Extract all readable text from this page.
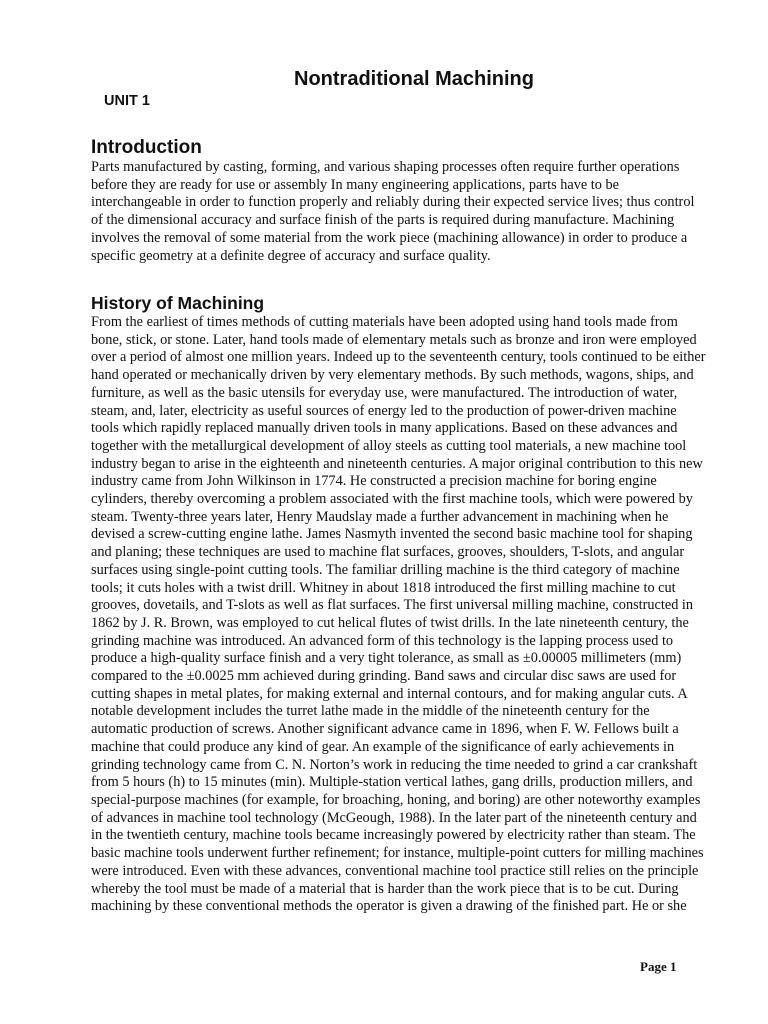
Nontraditional Machining
UNIT 1
Introduction

Parts manufactured by casting, forming, and various shaping processes often require further operations
before they are ready for use or assembly In many engineering applications, parts have to be
interchangeable in order to function properly and reliably during their expected service lives; thus control
of the dimensional accuracy and surface finish of the parts is required during manufacture. Machining
involves the removal of some material from the work piece (machining allowance) in order to produce a
specific geometry at a definite degree of accuracy and surface quality.

History of Machining

From the earliest of times methods of cutting materials have been adopted using hand tools made from
bone, stick, or stone. Later, hand tools made of elementary metals such as bronze and iron were employed
over a period of almost one million years. Indeed up to the seventeenth century, tools continued to be either
hand operated or mechanically driven by very elementary methods. By such methods, wagons, ships, and
furniture, as well as the basic utensils for everyday use, were manufactured. The introduction of water,
steam, and, later, electricity as useful sources of energy led to the production of power-driven machine
tools which rapidly replaced manually driven tools in many applications. Based on these advances and
together with the metallurgical development of alloy steels as cutting tool materials, a new machine tool
industry began to arise in the eighteenth and nineteenth centuries. A major original contribution to this new
industry came from John Wilkinson in 1774. He constructed a precision machine for boring engine
cylinders, thereby overcoming a problem associated with the first machine tools, which were powered by
steam. Twenty-three years later, Henry Maudslay made a further advancement in machining when he
devised a screw-cutting engine lathe. James Nasmyth invented the second basic machine tool for shaping
and planing; these techniques are used to machine flat surfaces, grooves, shoulders, T-slots, and angular
surfaces using single-point cutting tools. The familiar drilling machine is the third category of machine
tools; it cuts holes with a twist drill. Whitney in about 1818 introduced the first milling machine to cut
grooves, dovetails, and T-slots as well as flat surfaces. The first universal milling machine, constructed in
1862 by J. R. Brown, was employed to cut helical flutes of twist drills. In the late nineteenth century, the
grinding machine was introduced. An advanced form of this technology is the lapping process used to
produce a high-quality surface finish and a very tight tolerance, as small as ±0.00005 millimeters (mm)
compared to the ±0.0025 mm achieved during grinding. Band saws and circular disc saws are used for
cutting shapes in metal plates, for making external and internal contours, and for making angular cuts. A
notable development includes the turret lathe made in the middle of the nineteenth century for the
automatic production of screws. Another significant advance came in 1896, when F. W. Fellows built a
machine that could produce any kind of gear. An example of the significance of early achievements in
grinding technology came from C. N. Norton’s work in reducing the time needed to grind a car crankshaft
from 5 hours (h) to 15 minutes (min). Multiple-station vertical lathes, gang drills, production millers, and
special-purpose machines (for example, for broaching, honing, and boring) are other noteworthy examples
of advances in machine tool technology (McGeough, 1988). In the later part of the nineteenth century and
in the twentieth century, machine tools became increasingly powered by electricity rather than steam. The
basic machine tools underwent further refinement; for instance, multiple-point cutters for milling machines
were introduced. Even with these advances, conventional machine tool practice still relies on the principle
whereby the tool must be made of a material that is harder than the work piece that is to be cut. During
machining by these conventional methods the operator is given a drawing of the finished part. He or she

Page 1
